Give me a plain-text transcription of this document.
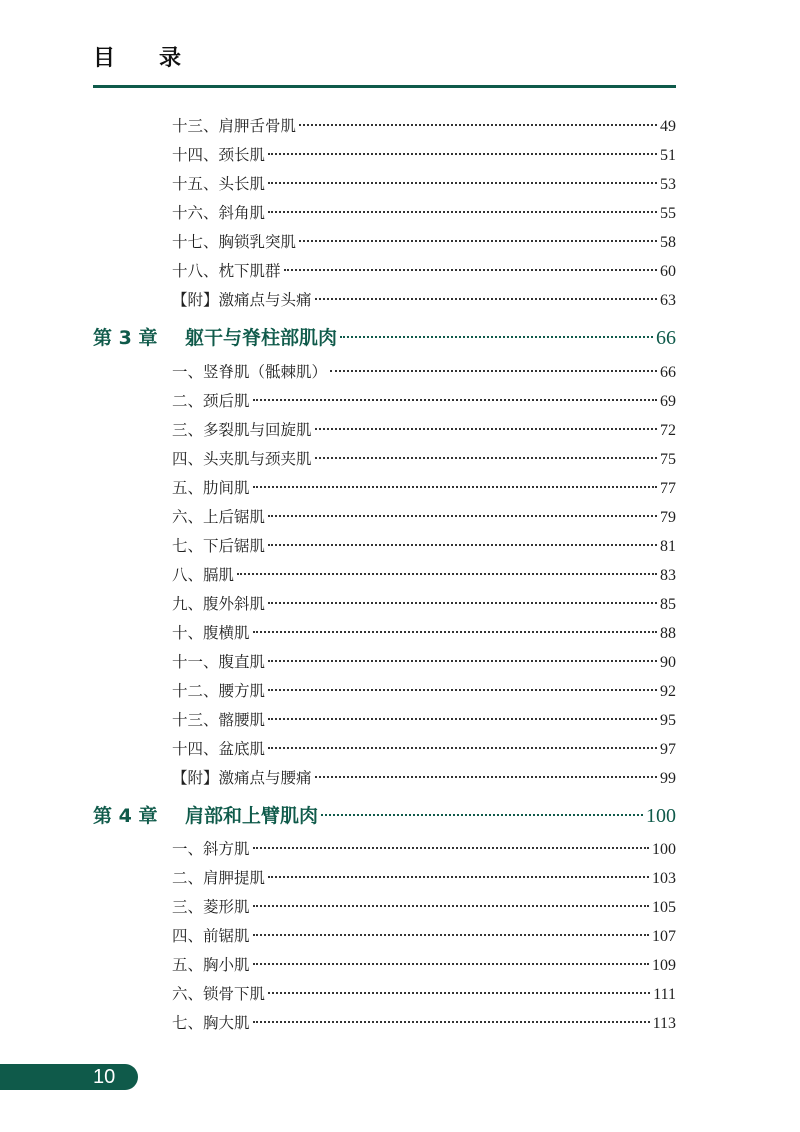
目录
十三、肩胛舌骨肌	49
十四、颈长肌	51
十五、头长肌	53
十六、斜角肌	55
十七、胸锁乳突肌	58
十八、枕下肌群	60
【附】激痛点与头痛	63
第 3 章	躯干与脊柱部肌肉	66
一、竖脊肌（骶棘肌）	66
二、颈后肌	69
三、多裂肌与回旋肌	72
四、头夹肌与颈夹肌	75
五、肋间肌	77
六、上后锯肌	79
七、下后锯肌	81
八、膈肌	83
九、腹外斜肌	85
十、腹横肌	88
十一、腹直肌	90
十二、腰方肌	92
十三、髂腰肌	95
十四、盆底肌	97
【附】激痛点与腰痛	99
第 4 章	肩部和上臂肌肉	100
一、斜方肌	100
二、肩胛提肌	103
三、菱形肌	105
四、前锯肌	107
五、胸小肌	109
六、锁骨下肌	111
七、胸大肌	113
10
